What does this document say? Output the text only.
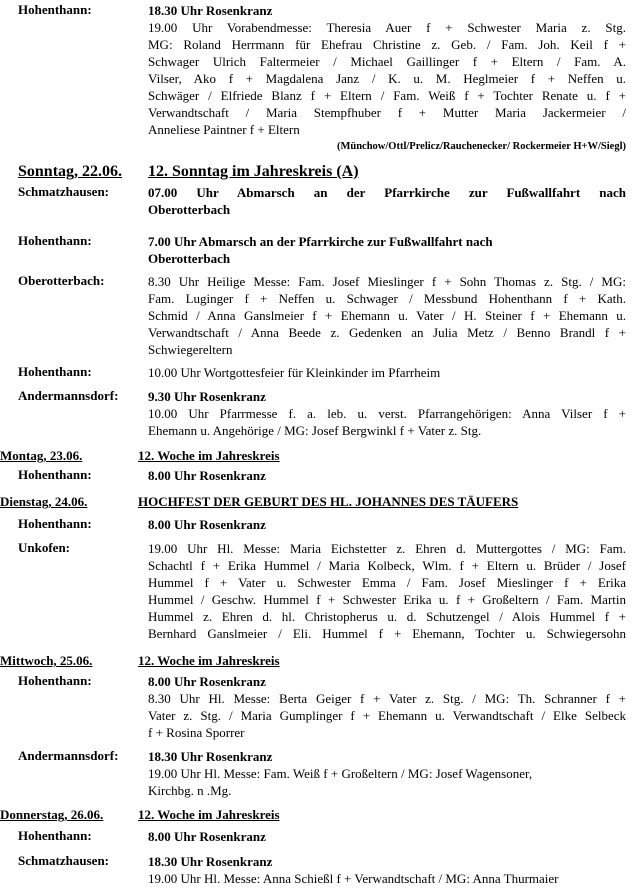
Hohenthann:	18.30 Uhr Rosenkranz
19.00 Uhr Vorabendmesse: Theresia Auer f + Schwester Maria z. Stg.
MG: Roland Herrmann für Ehefrau Christine z. Geb. / Fam. Joh. Keil f +
Schwager Ulrich Faltermeier / Michael Gaillinger f + Eltern / Fam. A.
Vilser, Ako f + Magdalena Janz / K. u. M. Heglmeier f + Neffen u.
Schwäger / Elfriede Blanz f + Eltern / Fam. Weiß f + Tochter Renate u. f +
Verwandtschaft / Maria Stempfhuber f + Mutter Maria Jackermeier /
Anneliese Paintner f + Eltern
(Münchow/Ottl/Prelicz/Rauchenecker/ Rockermeier H+W/Siegl)
Sonntag, 22.06. 12. Sonntag im Jahreskreis (A)
Schmatzhausen:	07.00 Uhr Abmarsch an der Pfarrkirche zur Fußwallfahrt nach
Oberotterbach
Hohenthann:	7.00 Uhr Abmarsch an der Pfarrkirche zur Fußwallfahrt nach
Oberotterbach
Oberotterbach:	8.30 Uhr Heilige Messe: Fam. Josef Mieslinger f + Sohn Thomas z. Stg. / MG:
Fam. Luginger f + Neffen u. Schwager / Messbund Hohenthann f + Kath.
Schmid / Anna Ganslmeier f + Ehemann u. Vater / H. Steiner f + Ehemann u.
Verwandtschaft / Anna Beede z. Gedenken an Julia Metz / Benno Brandl f +
Schwiegereltern
Hohenthann:	10.00 Uhr Wortgottesfeier für Kleinkinder im Pfarrheim
Andermannsdorf:	9.30 Uhr Rosenkranz
10.00 Uhr Pfarrmesse f. a. leb. u. verst. Pfarrangehörigen: Anna Vilser f +
Ehemann u. Angehörige / MG: Josef Bergwinkl f + Vater z. Stg.
Montag, 23.06.	12. Woche im Jahreskreis
Hohenthann:	8.00 Uhr Rosenkranz
Dienstag, 24.06.	HOCHFEST DER GEBURT DES HL. JOHANNES DES TÄUFERS
Hohenthann:	8.00 Uhr Rosenkranz
Unkofen:	19.00 Uhr Hl. Messe: Maria Eichstetter z. Ehren d. Muttergottes / MG: Fam.
Schachtl f + Erika Hummel / Maria Kolbeck, Wlm. f + Eltern u. Brüder / Josef
Hummel f + Vater u. Schwester Emma / Fam. Josef Mieslinger f + Erika
Hummel / Geschw. Hummel f + Schwester Erika u. f + Großeltern / Fam. Martin
Hummel z. Ehren d. hl. Christopherus u. d. Schutzengel / Alois Hummel f +
Bernhard Ganslmeier / Eli. Hummel f + Ehemann, Tochter u. Schwiegersohn
Mittwoch, 25.06.	12. Woche im Jahreskreis
Hohenthann:	8.00 Uhr Rosenkranz
8.30 Uhr Hl. Messe: Berta Geiger f + Vater z. Stg. / MG: Th. Schranner f +
Vater z. Stg. / Maria Gumplinger f + Ehemann u. Verwandtschaft / Elke Selbeck
f + Rosina Sporrer
Andermannsdorf:	18.30 Uhr Rosenkranz
19.00 Uhr Hl. Messe: Fam. Weiß f + Großeltern / MG: Josef Wagensoner,
Kirchbg. n .Mg.
Donnerstag, 26.06.	12. Woche im Jahreskreis
Hohenthann:	8.00 Uhr Rosenkranz
Schmatzhausen:	18.30 Uhr Rosenkranz
19.00 Uhr Hl. Messe: Anna Schießl f + Verwandtschaft / MG: Anna Thurmaier
